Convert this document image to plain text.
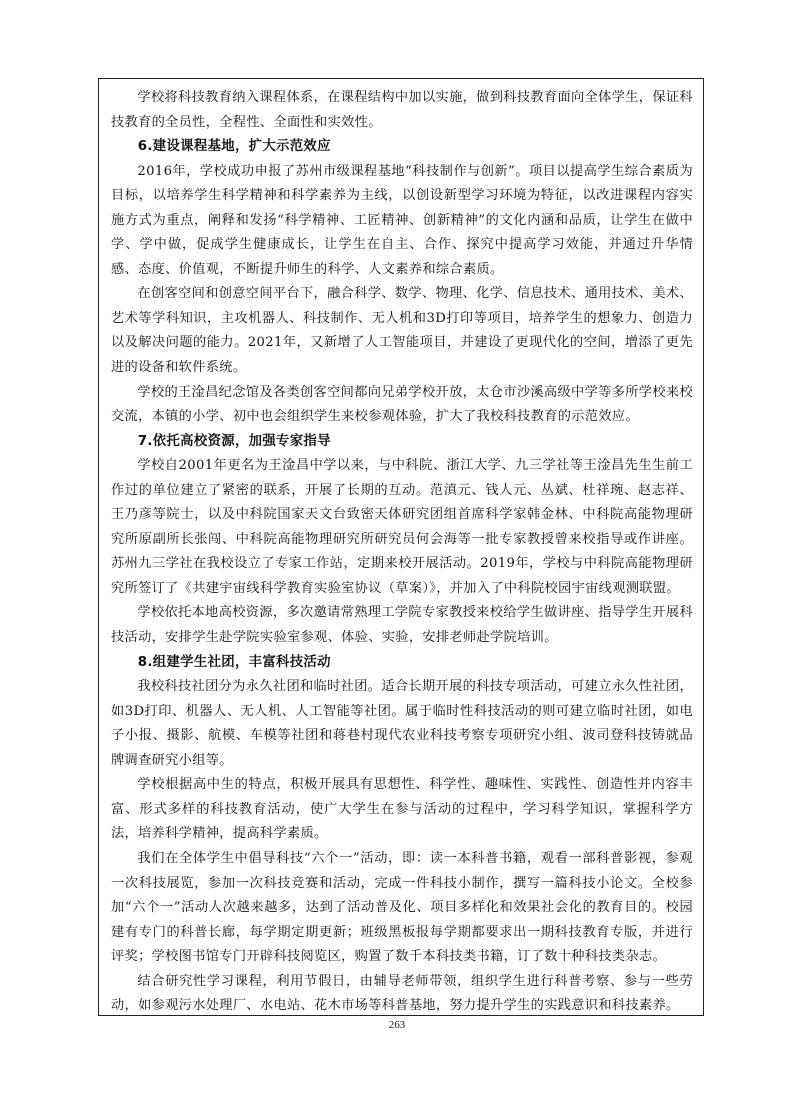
学校将科技教育纳入课程体系，在课程结构中加以实施，做到科技教育面向全体学生，保证科技教育的全员性，全程性、全面性和实效性。

6.建设课程基地，扩大示范效应

2016年，学校成功申报了苏州市级课程基地“科技制作与创新”。项目以提高学生综合素质为目标，以培养学生科学精神和科学素养为主线，以创设新型学习环境为特征，以改进课程内容实施方式为重点，阐释和发扬“科学精神、工匠精神、创新精神”的文化内涵和品质，让学生在做中学、学中做，促成学生健康成长，让学生在自主、合作、探究中提高学习效能，并通过升华情感、态度、价值观，不断提升师生的科学、人文素养和综合素质。

在创客空间和创意空间平台下，融合科学、数学、物理、化学、信息技术、通用技术、美术、艺术等学科知识，主攻机器人、科技制作、无人机和3D打印等项目，培养学生的想象力、创造力以及解决问题的能力。2021年，又新增了人工智能项目，并建设了更现代化的空间，增添了更先进的设备和软件系统。

学校的王淦昌纪念馆及各类创客空间都向兄弟学校开放，太仓市沙溪高级中学等多所学校来校交流，本镇的小学、初中也会组织学生来校参观体验，扩大了我校科技教育的示范效应。

7.依托高校资源，加强专家指导

学校自2001年更名为王淦昌中学以来，与中科院、浙江大学、九三学社等王淦昌先生生前工作过的单位建立了紧密的联系，开展了长期的互动。范滇元、钱人元、丛斌、杜祥琬、赵志祥、王乃彦等院士，以及中科院国家天文台致密天体研究团组首席科学家韩金林、中科院高能物理研究所原副所长张闯、中科院高能物理研究所研究员何会海等一批专家教授曾来校指导或作讲座。苏州九三学社在我校设立了专家工作站，定期来校开展活动。2019年，学校与中科院高能物理研究所签订了《共建宇宙线科学教育实验室协议（草案）》，并加入了中科院校园宇宙线观测联盟。

学校依托本地高校资源，多次邀请常熟理工学院专家教授来校给学生做讲座、指导学生开展科技活动，安排学生赴学院实验室参观、体验、实验，安排老师赴学院培训。

8.组建学生社团，丰富科技活动

我校科技社团分为永久社团和临时社团。适合长期开展的科技专项活动，可建立永久性社团，如3D打印、机器人、无人机、人工智能等社团。属于临时性科技活动的则可建立临时社团，如电子小报、摄影、航模、车模等社团和蒋巷村现代农业科技考察专项研究小组、波司登科技铸就品牌调查研究小组等。

学校根据高中生的特点，积极开展具有思想性、科学性、趣味性、实践性、创造性并内容丰富、形式多样的科技教育活动，使广大学生在参与活动的过程中，学习科学知识，掌握科学方法，培养科学精神，提高科学素质。

我们在全体学生中倡导科技“六个一”活动，即：读一本科普书籍，观看一部科普影视，参观一次科技展览，参加一次科技竞赛和活动，完成一件科技小制作，撰写一篇科技小论文。全校参加“六个一”活动人次越来越多，达到了活动普及化、项目多样化和效果社会化的教育目的。校园建有专门的科普长廊，每学期定期更新；班级黑板报每学期都要求出一期科技教育专版，并进行评奖；学校图书馆专门开辟科技阅览区，购置了数千本科技类书籍，订了数十种科技类杂志。

结合研究性学习课程，利用节假日，由辅导老师带领，组织学生进行科普考察、参与一些劳动，如参观污水处理厂、水电站、花木市场等科普基地，努力提升学生的实践意识和科技素养。

263
